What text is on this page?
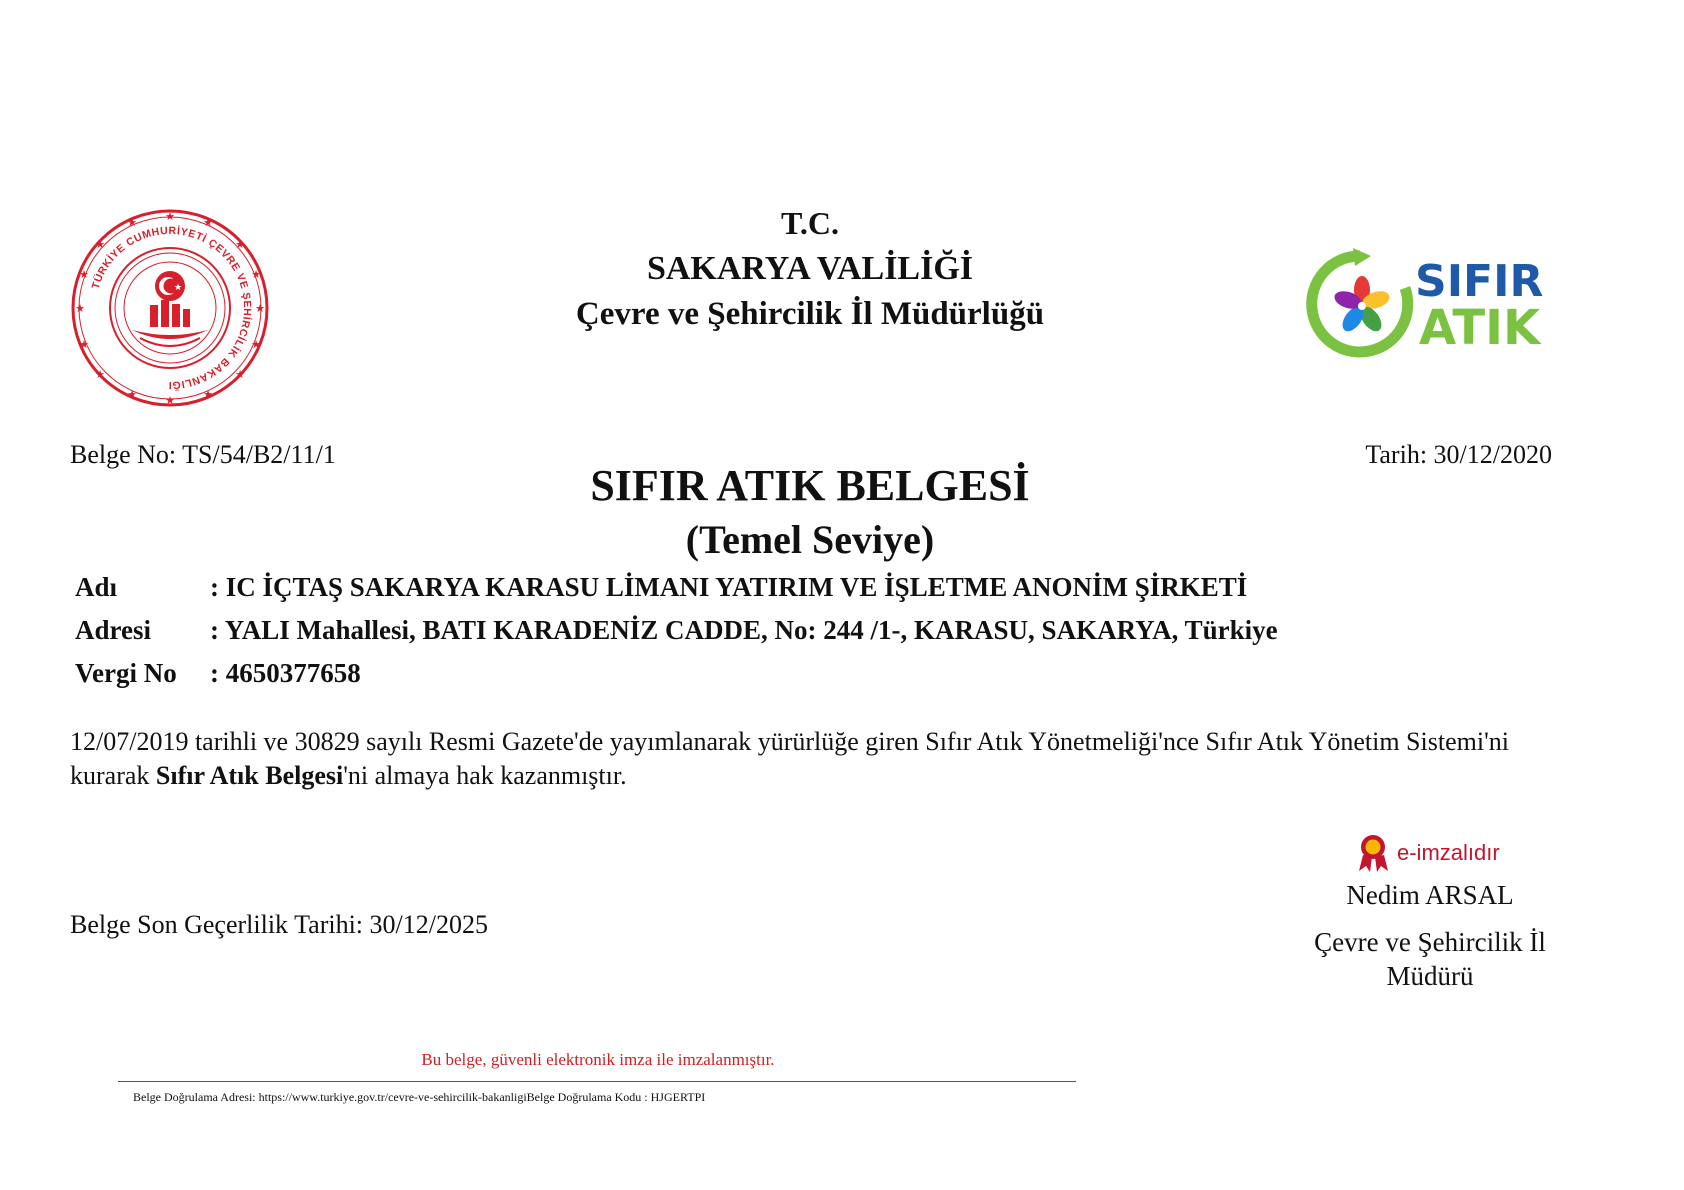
T.C.
SAKARYA VALİLİĞİ
Çevre ve Şehircilik İl Müdürlüğü
★
★	★
★	★
★	★
★
★	★
★	★
★	★
★	★
TÜRKİYE CUMHURİYETİ ÇEVRE VE ŞEHİRCİLİK BAKANLIĞI
★	SIFIR
ATIK
Belge No: TS/54/B2/11/1	Tarih: 30/12/2020
SIFIR ATIK BELGESİ
(Temel Seviye)
Adı	: IC İÇTAŞ SAKARYA KARASU LİMANI YATIRIM VE İŞLETME ANONİM ŞİRKETİ
Adresi : YALI Mahallesi, BATI KARADENİZ CADDE, No: 244 /1-, KARASU, SAKARYA, Türkiye
Vergi No : 4650377658
12/07/2019 tarihli ve 30829 sayılı Resmi Gazete'de yayımlanarak yürürlüğe giren Sıfır Atık Yönetmeliği'nce Sıfır Atık Yönetim Sistemi'ni kurarak Sıfır Atık Belgesi'ni almaya hak kazanmıştır.
Belge Son Geçerlilik Tarihi: 30/12/2025
e-imzalıdır
Nedim ARSAL
Çevre ve Şehircilik İl
Müdürü
Bu belge, güvenli elektronik imza ile imzalanmıştır.
Belge Doğrulama Adresi: https://www.turkiye.gov.tr/cevre-ve-sehircilik-bakanligiBelge Doğrulama Kodu : HJGERTPI
